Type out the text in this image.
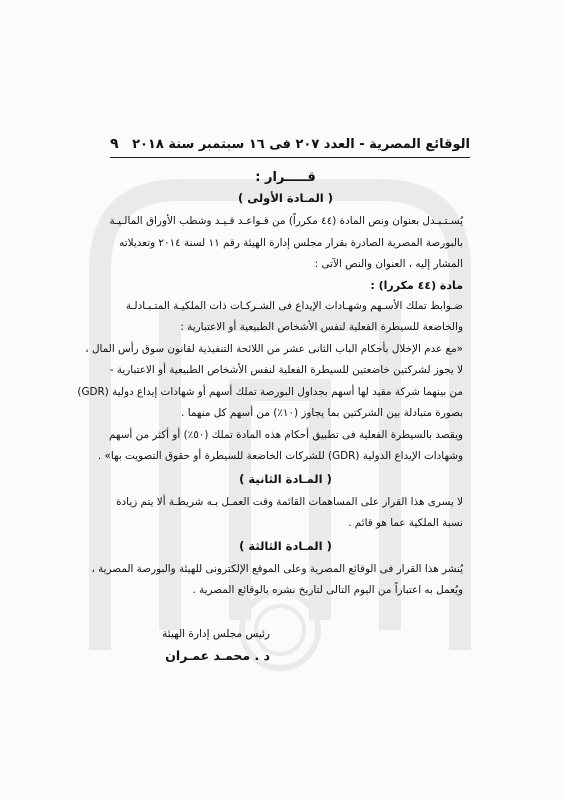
الوقائع المصرية - العدد ٢٠٧ فى ١٦ سبتمبر سنة ٢٠١٨
٩
قـــــرار :
( المـادة الأولى )

يُسـتـبـدل بعنوان ونص المادة (٤٤ مكرراً) من قـواعـد قـيـد وشطب الأوراق المالـيـة
بالبورصة المصرية الصادرة بقرار مجلس إدارة الهيئة رقم ١١ لسنة ٢٠١٤ وتعديلاته
المشار إليه ، العنوان والنص الآتى :

مادة (٤٤ مكررا) :

ضـوابط تملك الأسـهم وشهـادات الإيداع فى الشـركـات ذات الملكيـة المتـبـادلـة
والخاضعة للسيطرة الفعلية لنفس الأشخاص الطبيعية أو الاعتبارية :

«مع عدم الإخلال بأحكام الباب الثانى عشر من اللائحة التنفيذية لقانون سوق رأس المال ،
لا يجوز لشركتين خاضعتين للسيطرة الفعلية لنفس الأشخاص الطبيعية أو الاعتبارية -
من بينهما شركة مقيد لها أسهم بجداول البورصة تملك أسهم أو شهادات إيداع دولية (GDR)
بصورة متبادلة بين الشركتين بما يجاوز (١٠٪) من أسهم كل منهما .

ويقصد بالسيطرة الفعلية فى تطبيق أحكام هذه المادة تملك (٥٠٪) أو أكثر من أسهم
وشهادات الإيداع الدولية (GDR) للشركات الخاضعة للسيطرة أو حقوق التصويت بها» .

( المـادة الثانية )

لا يسرى هذا القرار على المساهمات القائمة وقت العمـل بـه شريطـة ألا يتم زيادة
نسبة الملكية عما هو قائم .

( المـادة الثالثة )

يُنشر هذا القرار فى الوقائع المصرية وعلى الموقع الإلكترونى للهيئة والبورصة المصرية ،
ويُعمل به اعتباراً من اليوم التالى لتاريخ نشره بالوقائع المصرية .

رئيس مجلس إدارة الهيئة
د . محمـد عمـران
